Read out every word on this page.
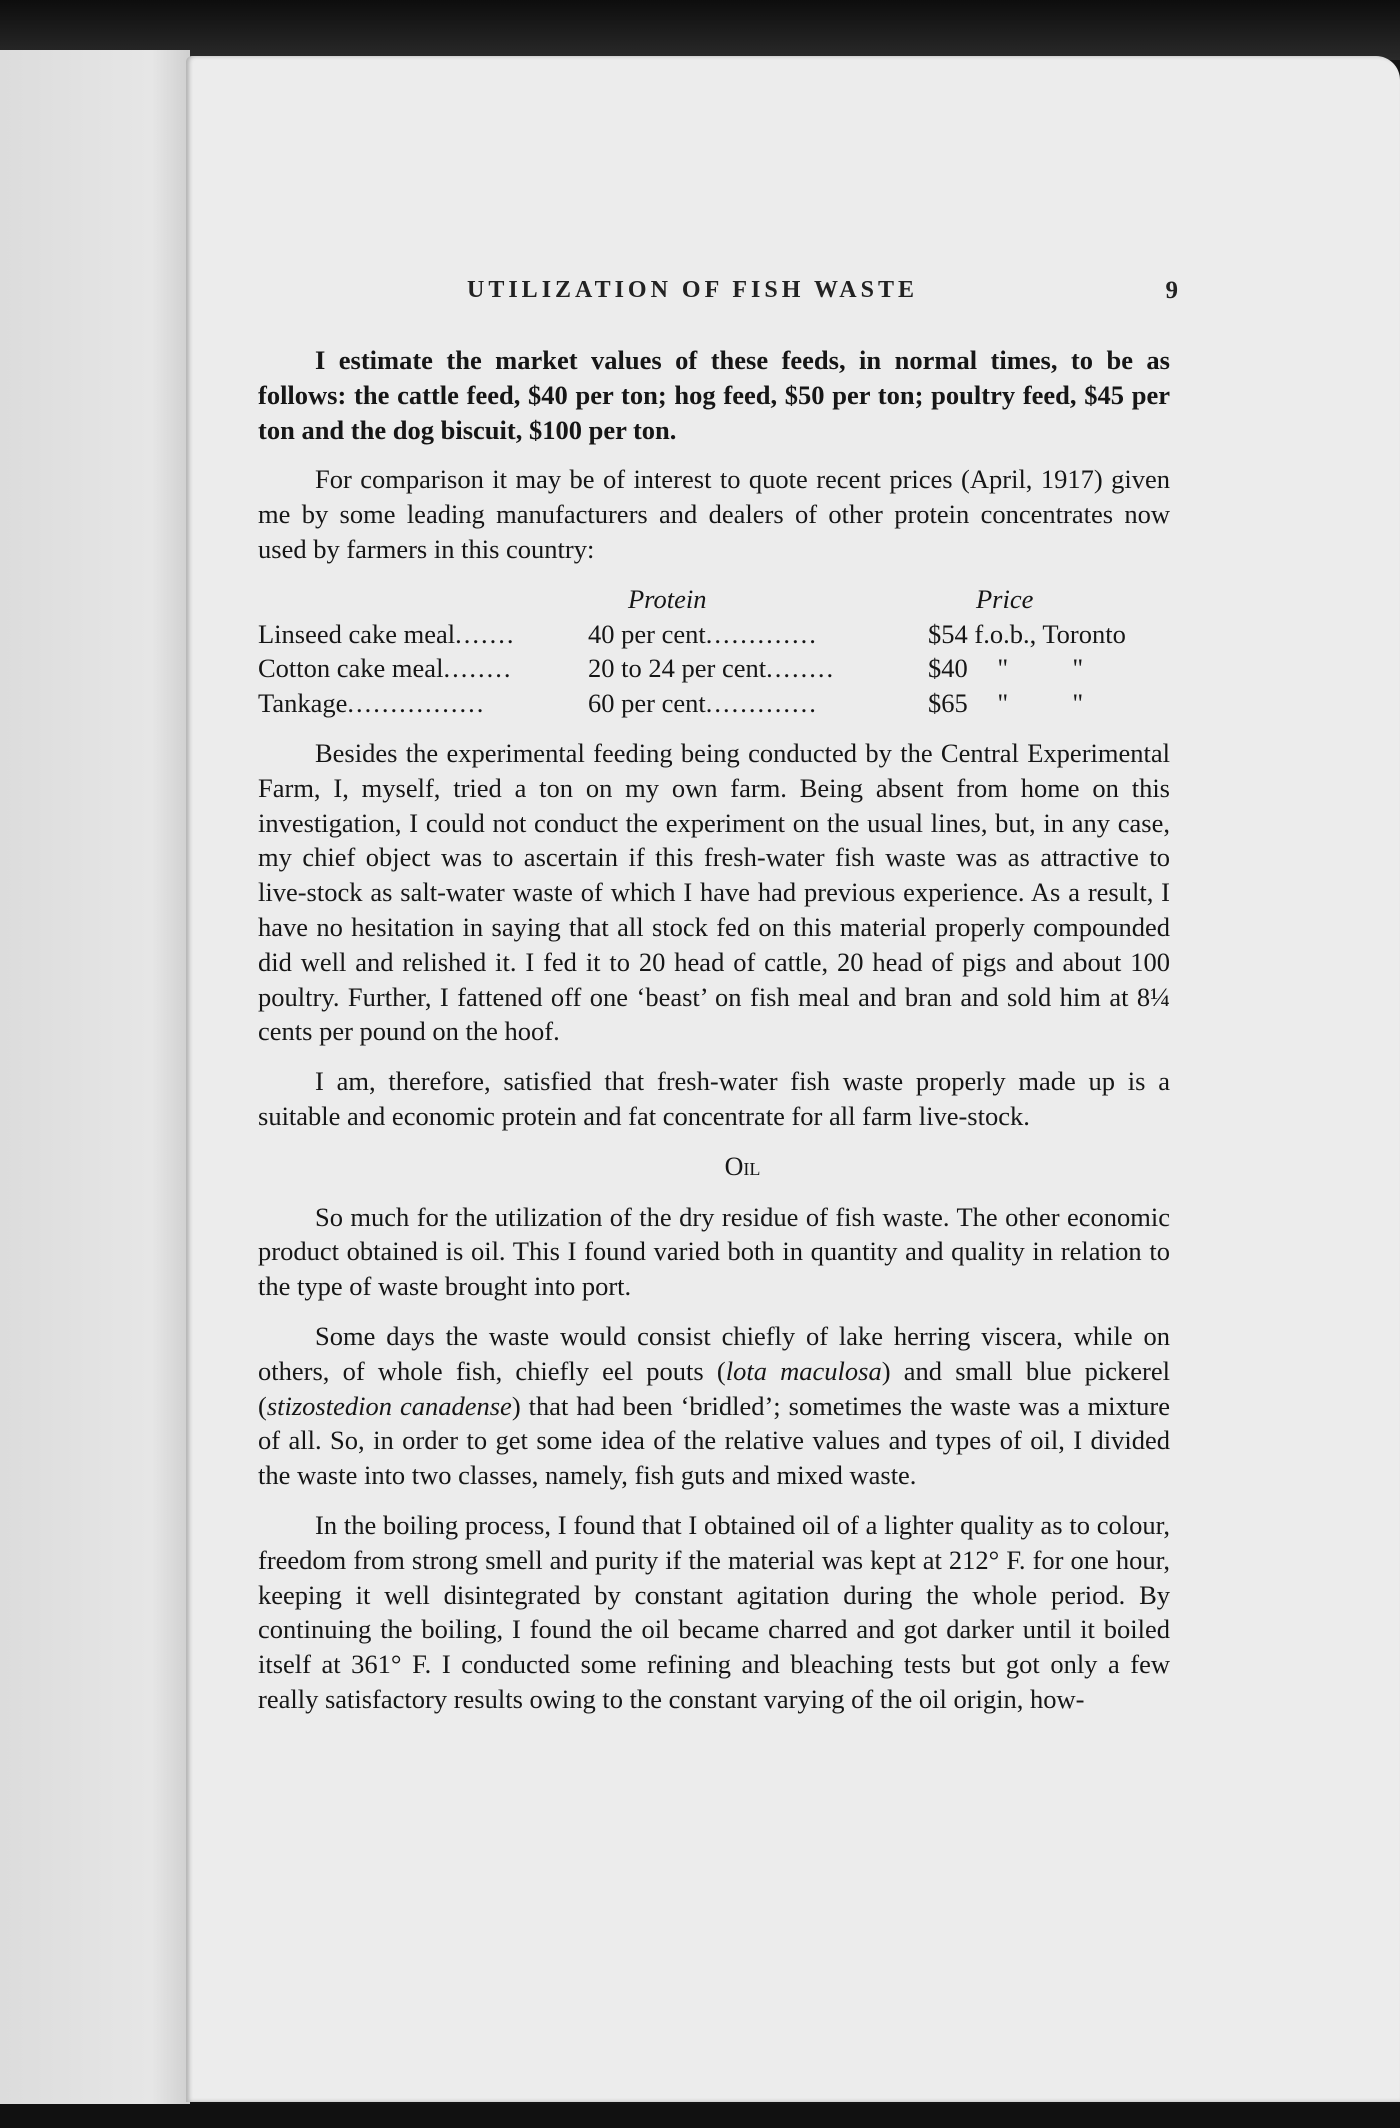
UTILIZATION OF FISH WASTE	9

I estimate the market values of these feeds, in normal times, to be as follows: the cattle feed, $40 per ton; hog feed, $50 per ton; poultry feed, $45 per ton and the dog biscuit, $100 per ton.

For comparison it may be of interest to quote recent prices (April, 1917) given me by some leading manufacturers and dealers of other protein concentrates now used by farmers in this country:

	Protein	Price
Linseed cake meal.......	40 per cent.............	$54 f.o.b., Toronto
Cotton cake meal........	20 to 24 per cent........	$40 " "
Tankage................	60 per cent.............	$65 " "

Besides the experimental feeding being conducted by the Central Experimental Farm, I, myself, tried a ton on my own farm. Being absent from home on this investigation, I could not conduct the experiment on the usual lines, but, in any case, my chief object was to ascertain if this fresh-water fish waste was as attractive to live-stock as salt-water waste of which I have had previous experience. As a result, I have no hesitation in saying that all stock fed on this material properly compounded did well and relished it. I fed it to 20 head of cattle, 20 head of pigs and about 100 poultry. Further, I fattened off one ‘beast’ on fish meal and bran and sold him at 8¼ cents per pound on the hoof.

I am, therefore, satisfied that fresh-water fish waste properly made up is a suitable and economic protein and fat concentrate for all farm live-stock.

Oil

So much for the utilization of the dry residue of fish waste. The other economic product obtained is oil. This I found varied both in quantity and quality in relation to the type of waste brought into port.

Some days the waste would consist chiefly of lake herring viscera, while on others, of whole fish, chiefly eel pouts (lota maculosa) and small blue pickerel (stizostedion canadense) that had been ‘bridled’; sometimes the waste was a mixture of all. So, in order to get some idea of the relative values and types of oil, I divided the waste into two classes, namely, fish guts and mixed waste.

In the boiling process, I found that I obtained oil of a lighter quality as to colour, freedom from strong smell and purity if the material was kept at 212° F. for one hour, keeping it well disintegrated by constant agitation during the whole period. By continuing the boiling, I found the oil became charred and got darker until it boiled itself at 361° F. I conducted some refining and bleaching tests but got only a few really satisfactory results owing to the constant varying of the oil origin, how-
